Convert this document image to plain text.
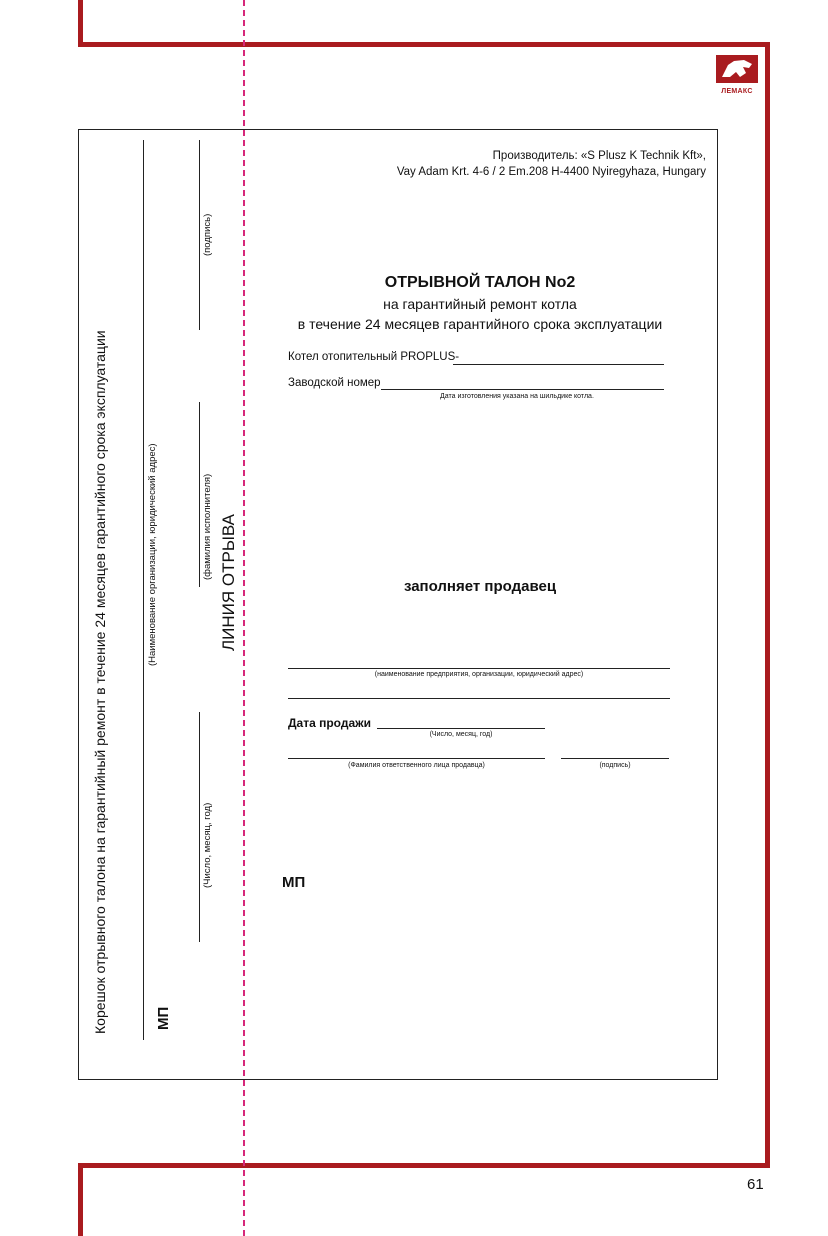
ЛЕМАКС
Корешок отрывного талона на гарантийный ремонт в течение 24 месяцев гарантийного срока эксплуатации	(Наименование организации, юридический адрес)
(подпись)
(фамилия исполнителя)
(Число, месяц, год)
МП
ЛИНИЯ ОТРЫВА
Производитель: «S Plusz K Technik Kft»,
Vay Adam Krt. 4-6 / 2 Em.208 H-4400 Nyiregyhaza, Hungary
ОТРЫВНОЙ ТАЛОН No2
на гарантийный ремонт котла
в течение 24 месяцев гарантийного срока эксплуатации
Котел отопительный PROPLUS-
Заводской номер
Дата изготовления указана на шильдике котла.
заполняет продавец
(наименование предприятия, организации, юридический адрес)
Дата продажи
(Число, месяц, год)
(Фамилия ответственного лица продавца)	(подпись)
МП
61
